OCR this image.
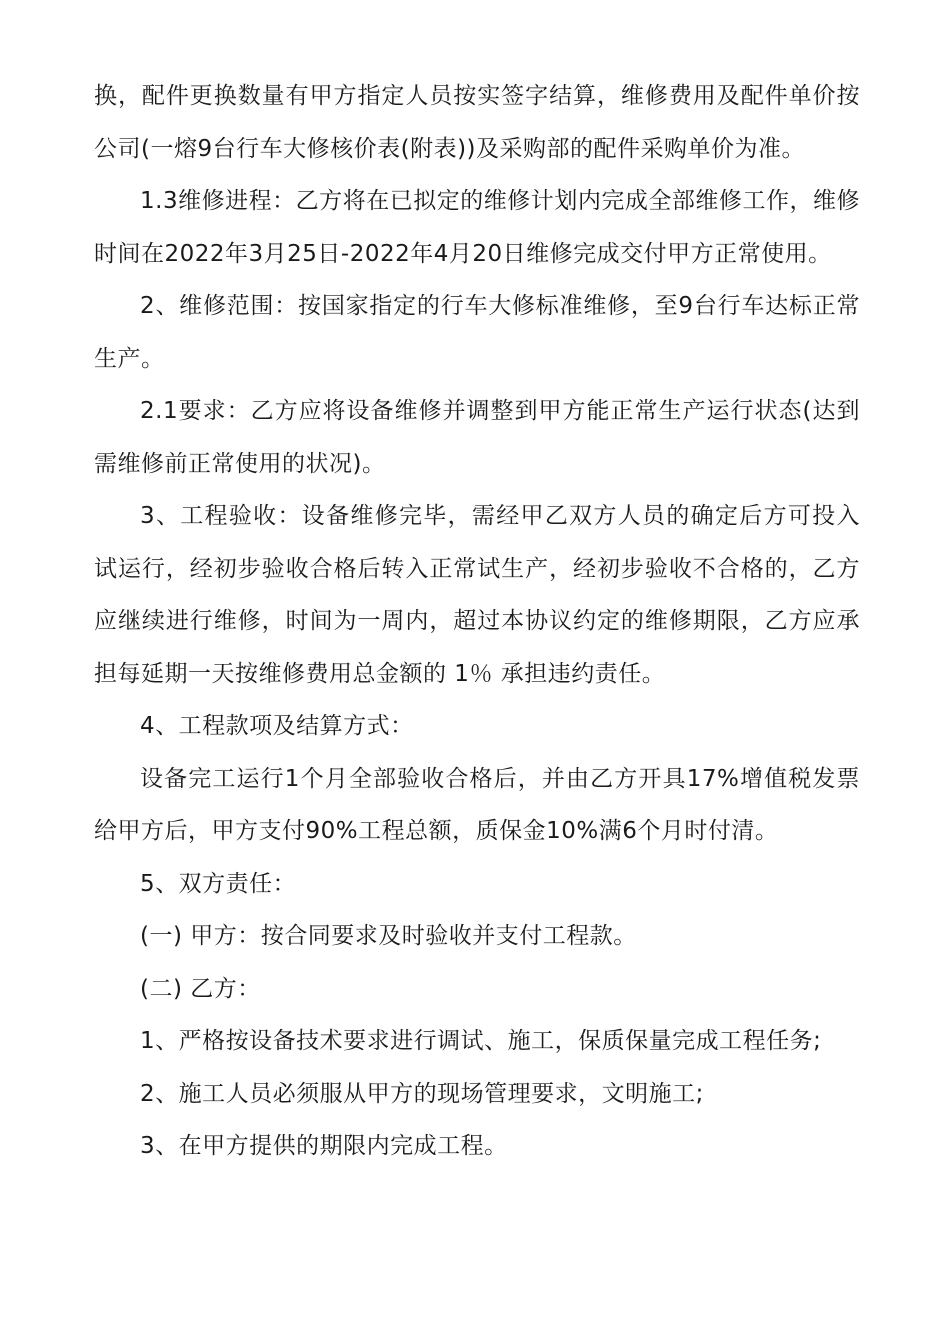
换，配件更换数量有甲方指定人员按实签字结算，维修费用及配件单价按公司(一熔9台行车大修核价表(附表))及采购部的配件采购单价为准。

1.3维修进程：乙方将在已拟定的维修计划内完成全部维修工作，维修时间在2022年3月25日-2022年4月20日维修完成交付甲方正常使用。

2、维修范围：按国家指定的行车大修标准维修，至9台行车达标正常生产。

2.1要求：乙方应将设备维修并调整到甲方能正常生产运行状态(达到需维修前正常使用的状况)。

3、工程验收：设备维修完毕，需经甲乙双方人员的确定后方可投入试运行，经初步验收合格后转入正常试生产，经初步验收不合格的，乙方应继续进行维修，时间为一周内，超过本协议约定的维修期限，乙方应承担每延期一天按维修费用总金额的 1％ 承担违约责任。

4、工程款项及结算方式：

设备完工运行1个月全部验收合格后，并由乙方开具17%增值税发票给甲方后，甲方支付90%工程总额，质保金10%满6个月时付清。

5、双方责任：

(一) 甲方：按合同要求及时验收并支付工程款。

(二) 乙方：

1、严格按设备技术要求进行调试、施工，保质保量完成工程任务;

2、施工人员必须服从甲方的现场管理要求，文明施工;

3、在甲方提供的期限内完成工程。
